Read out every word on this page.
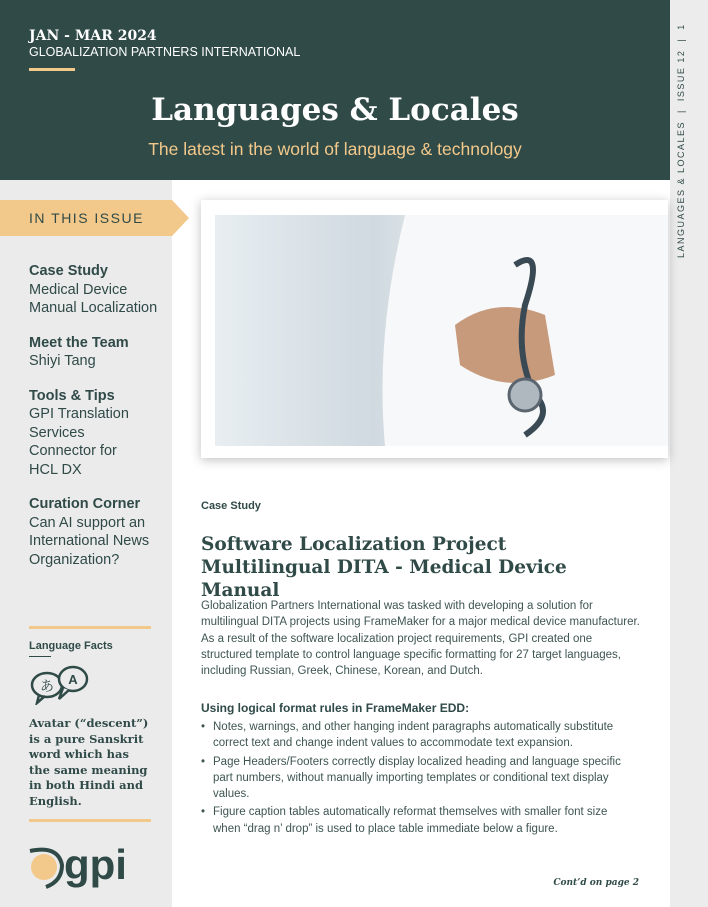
JAN - MAR 2024
GLOBALIZATION PARTNERS INTERNATIONAL
Languages & Locales
The latest in the world of language & technology	LANGUAGES & LOCALES  |  ISSUE 12  |  1
IN THIS ISSUE
Case Study
Medical Device Manual Localization
Meet the Team
Shiyi Tang
Tools & Tips
GPI Translation Services Connector for HCL DX
Curation Corner
Can AI support an International News Organization?
Language Facts
あ A
Avatar (“descent”) is a pure Sanskrit word which has the same meaning in both Hindi and English.
gpi
Case Study
Software Localization Project Multilingual DITA - Medical Device Manual
Globalization Partners International was tasked with developing a solution for multilingual DITA projects using FrameMaker for a major medical device manufacturer. As a result of the software localization project requirements, GPI created one structured template to control language specific formatting for 27 target languages, including Russian, Greek, Chinese, Korean, and Dutch.
Using logical format rules in FrameMaker EDD:
• Notes, warnings, and other hanging indent paragraphs automatically substitute correct text and change indent values to accommodate text expansion.
• Page Headers/Footers correctly display localized heading and language specific part numbers, without manually importing templates or conditional text display values.
• Figure caption tables automatically reformat themselves with smaller font size when “drag n’ drop” is used to place table immediate below a figure.
Cont’d on page 2
